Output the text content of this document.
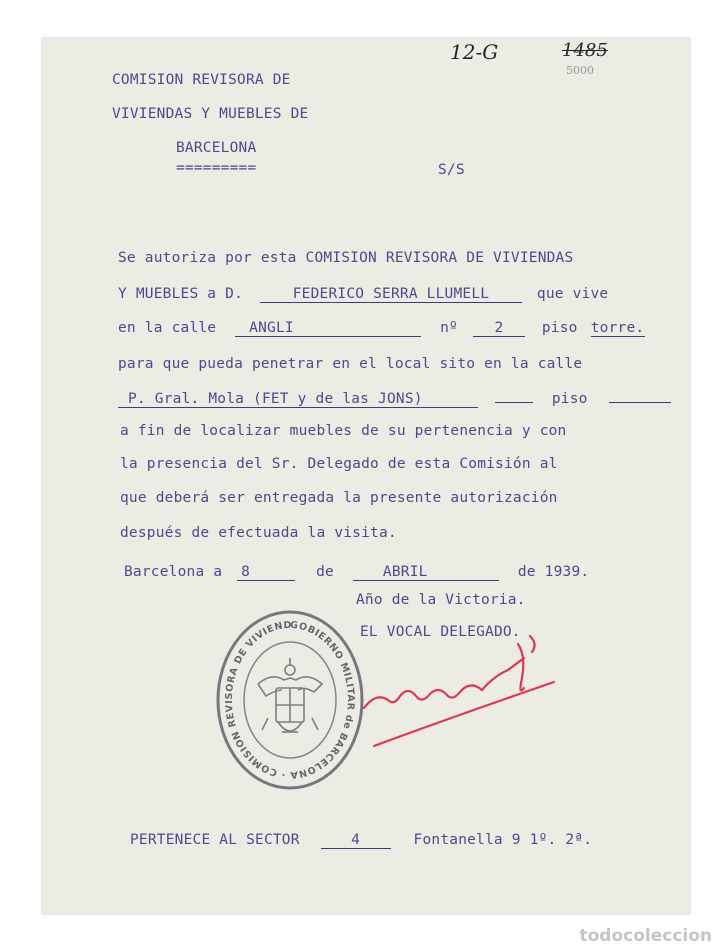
12-G	1485
5000
COMISION REVISORA DE
VIVIENDAS Y MUEBLES DE
BARCELONA
=========	S/S
Se autoriza por esta COMISION REVISORA DE VIVIENDAS
Y MUEBLES a D.	FEDERICO SERRA LLUMELL	que vive
en la calle ANGLI	nº	2	piso torre.
para que pueda penetrar en el local sito en la calle
P. Gral. Mola (FET y de las JONS)	piso
a fin de localizar muebles de su pertenencia y con
la presencia del Sr. Delegado de esta Comisión al
que deberá ser entregada la presente autorización
después de efectuada la visita.
Barcelona a 8	de	ABRIL	de 1939.
Año de la Victoria.
EL VOCAL DELEGADO.
GOBIERNO MILITAR de BARCELONA · COMISION REVISORA DE VIVIEND
PERTENECE AL SECTOR	4	Fontanella 9 1º. 2ª.
todocoleccion
